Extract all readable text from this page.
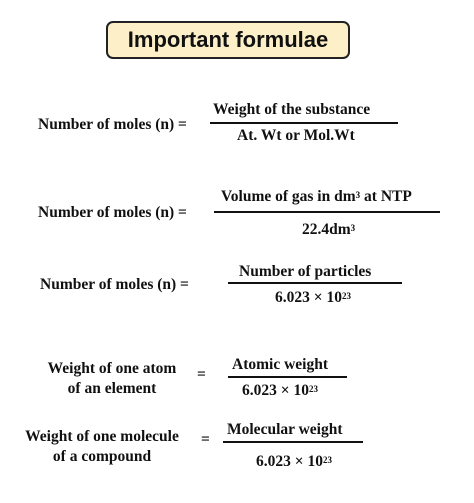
Important formulae
Number of moles (n) =
Weight of the substance
At. Wt or Mol.Wt
Number of moles (n) =
Volume of gas in $dm^3$ at NTP
$22.4dm^3$
Number of moles (n) =
Number of particles
$6.023 \times 10^{23}$
Weight of one atom
of an element
=
Atomic weight
$6.023 \times 10^{23}$
Weight of one molecule
of a compound
=
Molecular weight
$6.023 \times 10^{23}$
